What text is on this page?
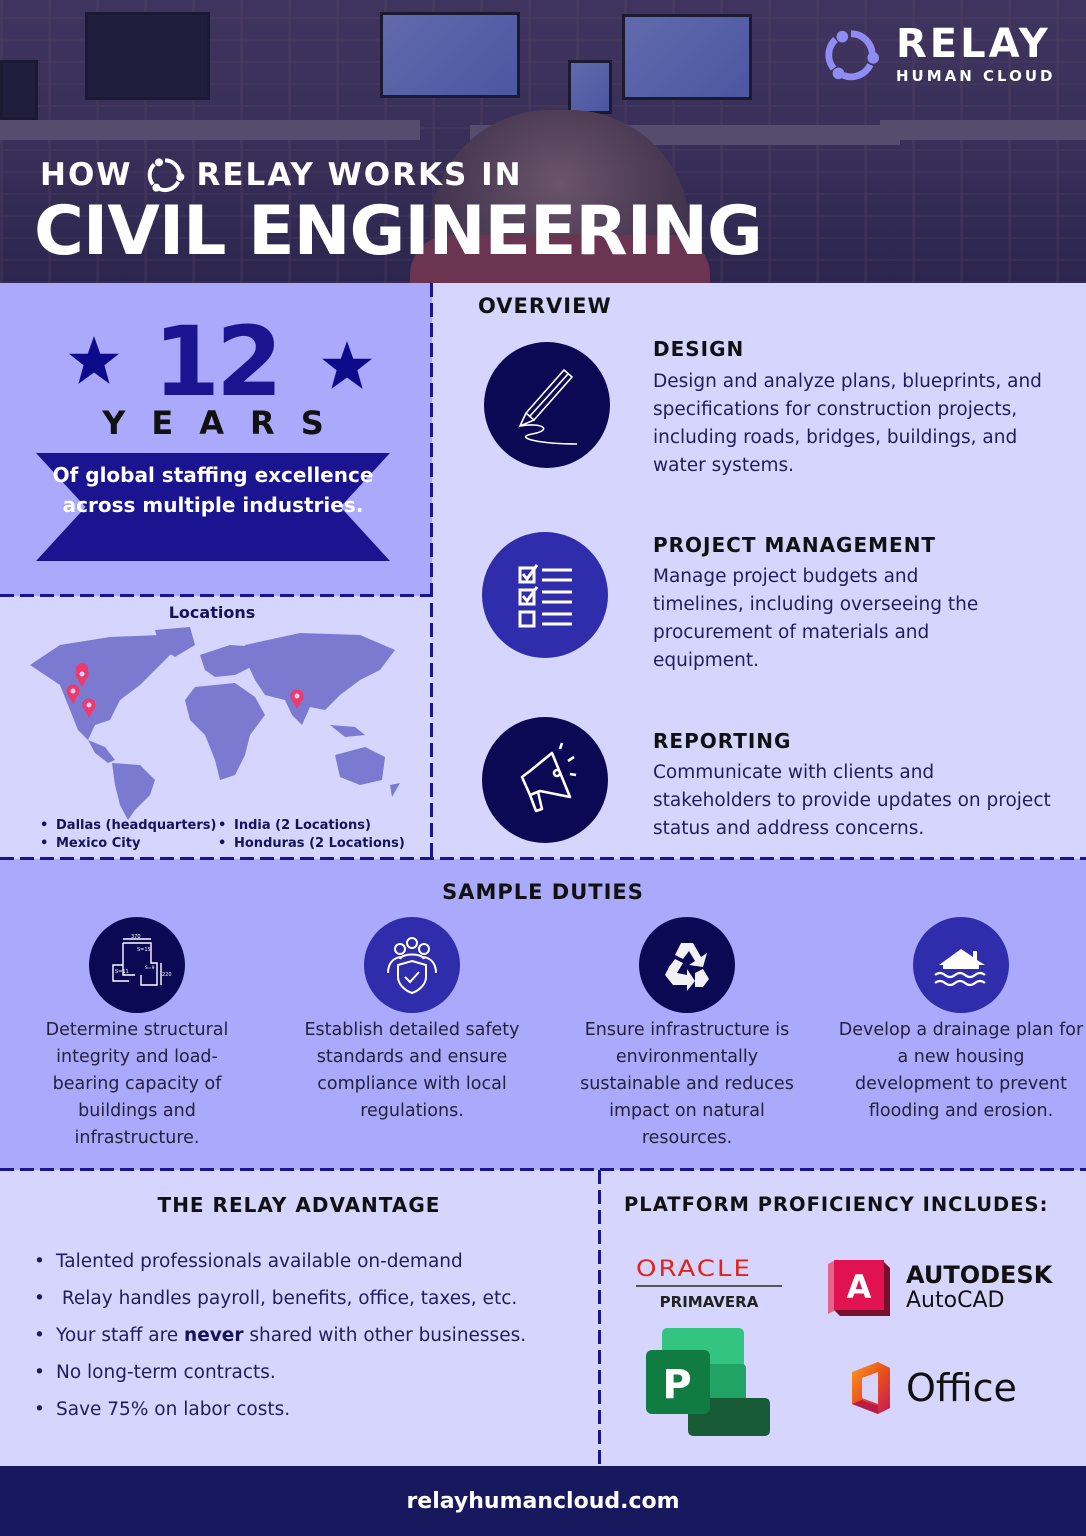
RELAY
HUMAN CLOUD
HOW RELAY WORKS IN
CIVIL ENGINEERING
12
YEARS
Of global staffing excellence across multiple industries.
Locations
• Dallas (headquarters)
• Mexico City
• India (2 Locations)
• Honduras (2 Locations)
OVERVIEW
DESIGN
Design and analyze plans, blueprints, and specifications for construction projects, including roads, bridges, buildings, and water systems.
PROJECT MANAGEMENT
Manage project budgets and timelines, including overseeing the procurement of materials and equipment.
REPORTING
Communicate with clients and stakeholders to provide updates on project status and address concerns.
SAMPLE DUTIES
370
S=15
S=11
S=9
220
Determine structural integrity and load-bearing capacity of buildings and infrastructure.
Establish detailed safety standards and ensure compliance with local regulations.
Ensure infrastructure is environmentally sustainable and reduces impact on natural resources.
Develop a drainage plan for a new housing development to prevent flooding and erosion.
THE RELAY ADVANTAGE
• Talented professionals available on-demand
•  Relay handles payroll, benefits, office, taxes, etc.
• Your staff are never shared with other businesses.
• No long-term contracts.
• Save 75% on labor costs.
PLATFORM PROFICIENCY INCLUDES:
ORACLE
PRIMAVERA	A AUTODESK
AutoCAD
P	Office
relayhumancloud.com
